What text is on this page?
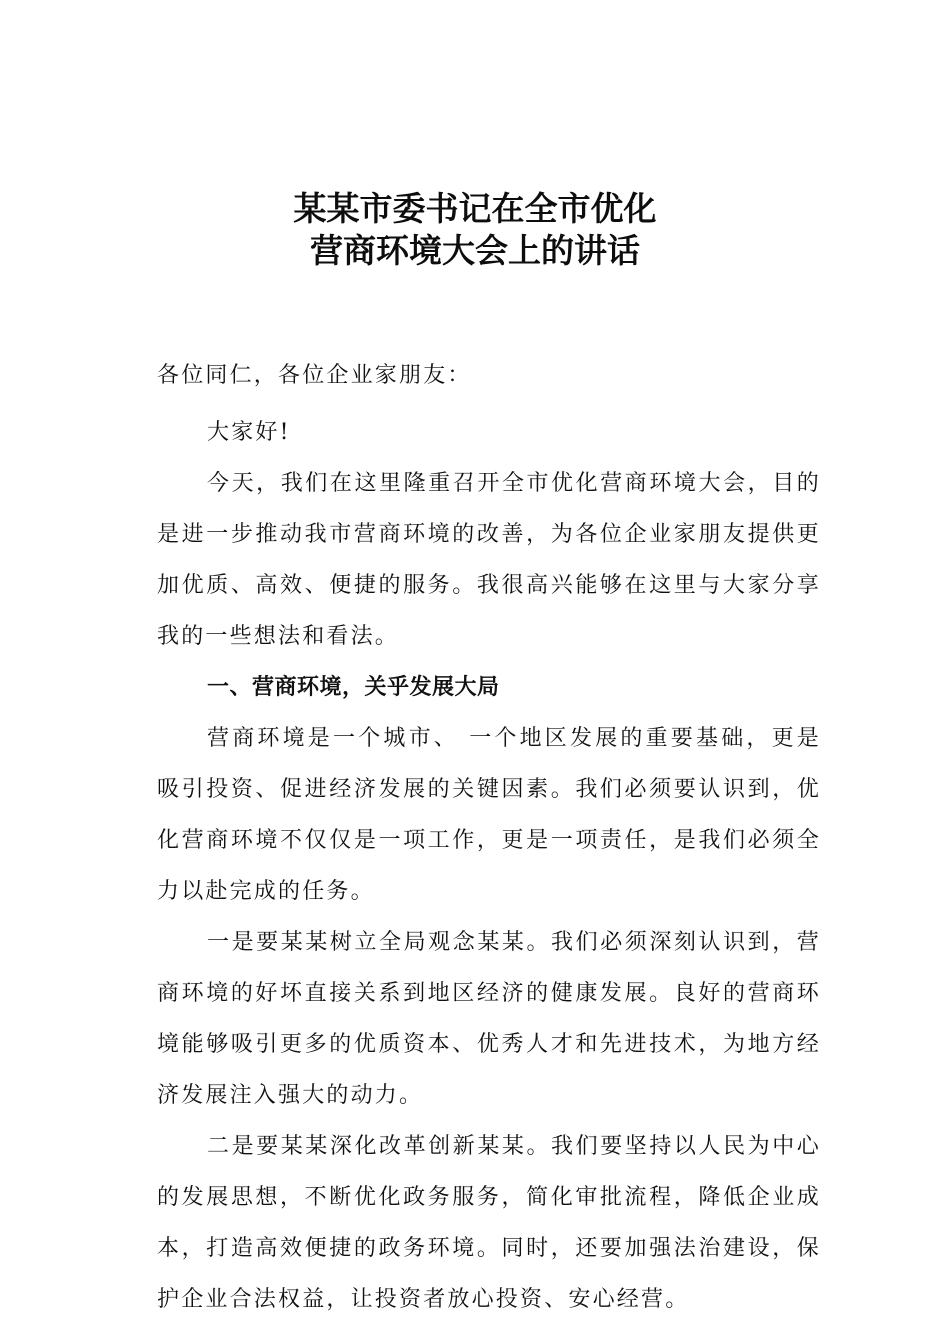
某某市委书记在全市优化
营商环境大会上的讲话

各位同仁，各位企业家朋友：

大家好!

今天，我们在这里隆重召开全市优化营商环境大会，目的是进一步推动我市营商环境的改善，为各位企业家朋友提供更加优质、高效、便捷的服务。我很高兴能够在这里与大家分享我的一些想法和看法。

一、营商环境，关乎发展大局

营商环境是一个城市、 一个地区发展的重要基础，更是吸引投资、促进经济发展的关键因素。我们必须要认识到，优化营商环境不仅仅是一项工作，更是一项责任，是我们必须全力以赴完成的任务。

一是要某某树立全局观念某某。我们必须深刻认识到，营商环境的好坏直接关系到地区经济的健康发展。良好的营商环境能够吸引更多的优质资本、优秀人才和先进技术，为地方经济发展注入强大的动力。

二是要某某深化改革创新某某。我们要坚持以人民为中心的发展思想，不断优化政务服务，简化审批流程，降低企业成本，打造高效便捷的政务环境。同时，还要加强法治建设，保护企业合法权益，让投资者放心投资、安心经营。
